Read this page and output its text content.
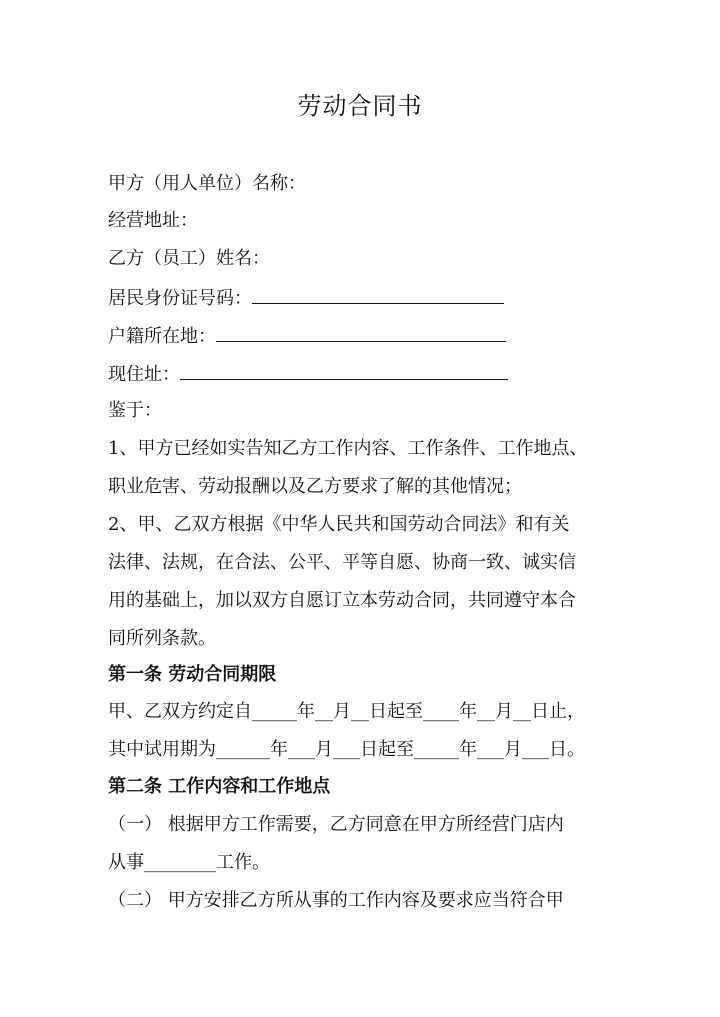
劳动合同书
甲方（用人单位）名称：
经营地址：
乙方（员工）姓名：
居民身份证号码：
户籍所在地：
现住址：
鉴于：
1、甲方已经如实告知乙方工作内容、工作条件、工作地点、
职业危害、劳动报酬以及乙方要求了解的其他情况；
2、甲、乙双方根据《中华人民共和国劳动合同法》和有关
法律、法规，在合法、公平、平等自愿、协商一致、诚实信
用的基础上，加以双方自愿订立本劳动合同，共同遵守本合
同所列条款。
第一条 劳动合同期限
甲、乙双方约定自_____年__月__日起至____年__月__日止，
其中试用期为______年___月___日起至_____年___月___日。
第二条 工作内容和工作地点
（一） 根据甲方工作需要，乙方同意在甲方所经营门店内
从事________工作。
（二） 甲方安排乙方所从事的工作内容及要求应当符合甲
